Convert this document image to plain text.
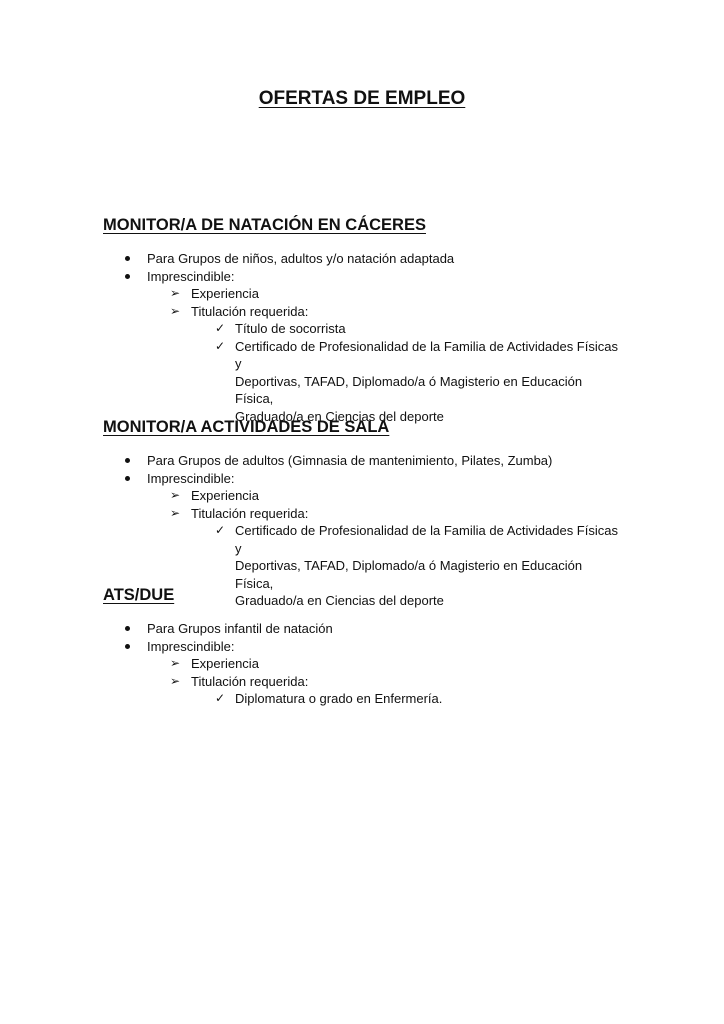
OFERTAS DE EMPLEO
MONITOR/A DE NATACIÓN EN CÁCERES
Para Grupos de niños, adultos y/o natación adaptada
Imprescindible:
➢ Experiencia
➢ Titulación requerida:
✓ Título de socorrista
✓ Certificado de Profesionalidad de la Familia de Actividades Físicas y
Deportivas, TAFAD, Diplomado/a ó Magisterio en Educación Física,
Graduado/a en Ciencias del deporte
MONITOR/A ACTIVIDADES DE SALA
Para Grupos de adultos (Gimnasia de mantenimiento, Pilates, Zumba)
Imprescindible:
➢ Experiencia
➢ Titulación requerida:
✓ Certificado de Profesionalidad de la Familia de Actividades Físicas y
Deportivas, TAFAD, Diplomado/a ó Magisterio en Educación Física,
Graduado/a en Ciencias del deporte
ATS/DUE
Para Grupos infantil de natación
Imprescindible:
➢ Experiencia
➢ Titulación requerida:
✓ Diplomatura o grado en Enfermería.
